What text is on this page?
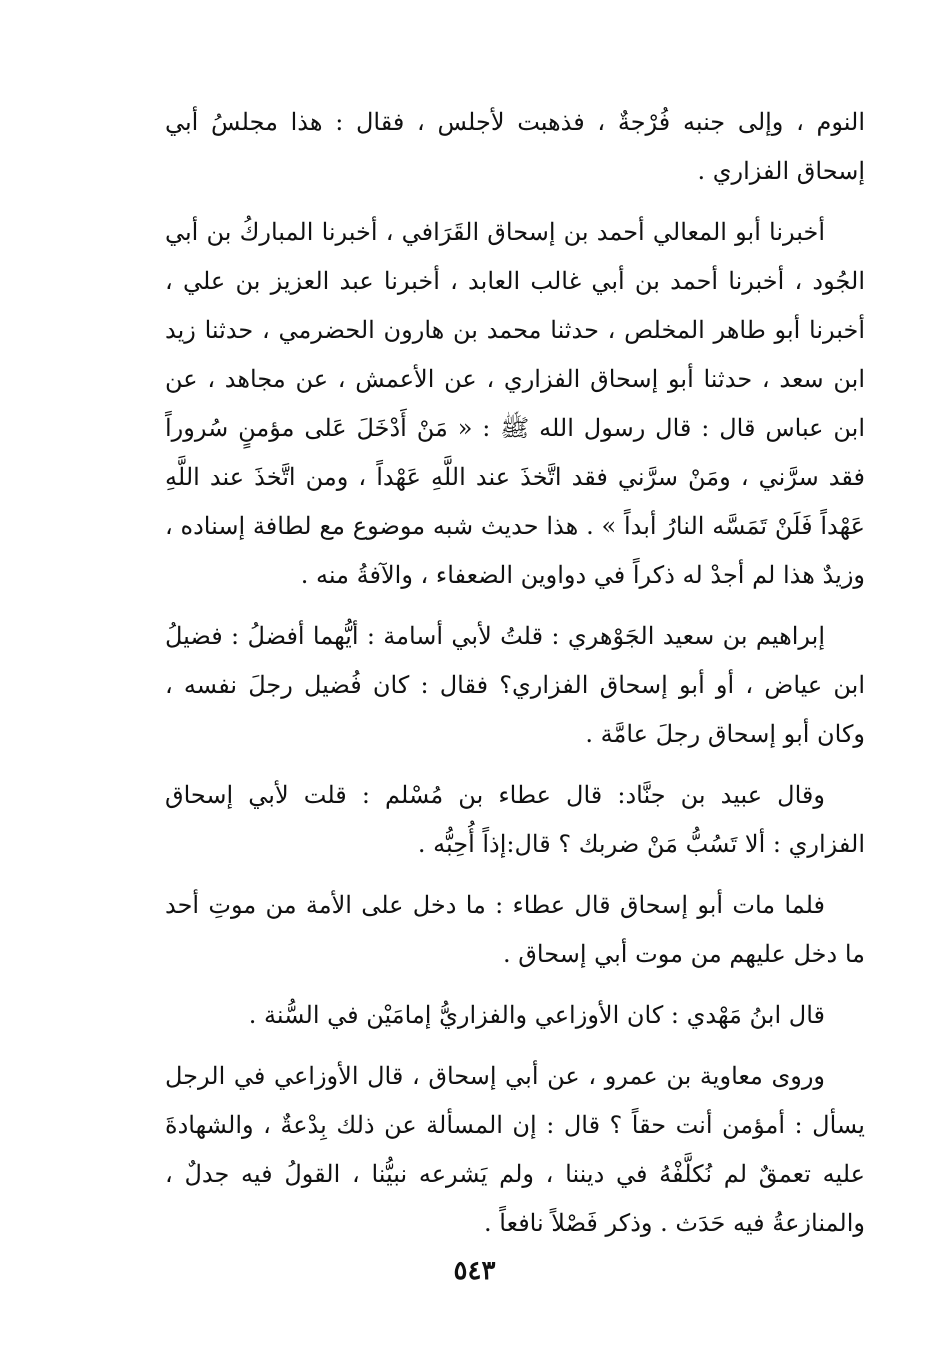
النوم ، وإلى جنبه فُرْجةٌ ، فذهبت لأجلس ، فقال : هذا مجلسُ أبي إسحاق الفزاري .

أخبرنا أبو المعالي أحمد بن إسحاق القَرَافي ، أخبرنا المباركُ بن أبي الجُود ، أخبرنا أحمد بن أبي غالب العابد ، أخبرنا عبد العزيز بن علي ، أخبرنا أبو طاهر المخلص ، حدثنا محمد بن هارون الحضرمي ، حدثنا زيد ابن سعد ، حدثنا أبو إسحاق الفزاري ، عن الأعمش ، عن مجاهد ، عن ابن عباس قال : قال رسول الله ﷺ : « مَنْ أَدْخَلَ عَلى مؤمنٍ سُروراً فقد سرَّني ، ومَنْ سرَّني فقد اتَّخذَ عند اللَّهِ عَهْداً ، ومن اتَّخذَ عند اللَّهِ عَهْداً فَلَنْ تَمَسَّه النارُ أبداً » . هذا حديث شبه موضوع مع لطافة إسناده ، وزيدٌ هذا لم أجدْ له ذكراً في دواوين الضعفاء ، والآفةُ منه .

إبراهيم بن سعيد الجَوْهري : قلتُ لأبي أسامة : أيُّهما أفضلُ : فضيلُ ابن عياض ، أو أبو إسحاق الفزاري؟ فقال : كان فُضيل رجلَ نفسه ، وكان أبو إسحاق رجلَ عامَّة .

وقال عبيد بن جنَّاد: قال عطاء بن مُسْلم : قلت لأبي إسحاق الفزاري : ألا تَسُبُّ مَنْ ضربك ؟ قال:إذاً أُحِبُّه .

فلما مات أبو إسحاق قال عطاء : ما دخل على الأمة من موتِ أحد ما دخل عليهم من موت أبي إسحاق .

قال ابنُ مَهْدي : كان الأوزاعي والفزاريُّ إمامَيْن في السُّنة .

وروى معاوية بن عمرو ، عن أبي إسحاق ، قال الأوزاعي في الرجل يسأل : أمؤمن أنت حقاً ؟ قال : إن المسألة عن ذلك بِدْعةٌ ، والشهادةَ عليه تعمقٌ لم نُكلَّفْهُ في ديننا ، ولم يَشرعه نبيُّنا ، القولُ فيه جدلٌ ، والمنازعةُ فيه حَدَث . وذكر فَصْلاً نافعاً .

٥٤٣
